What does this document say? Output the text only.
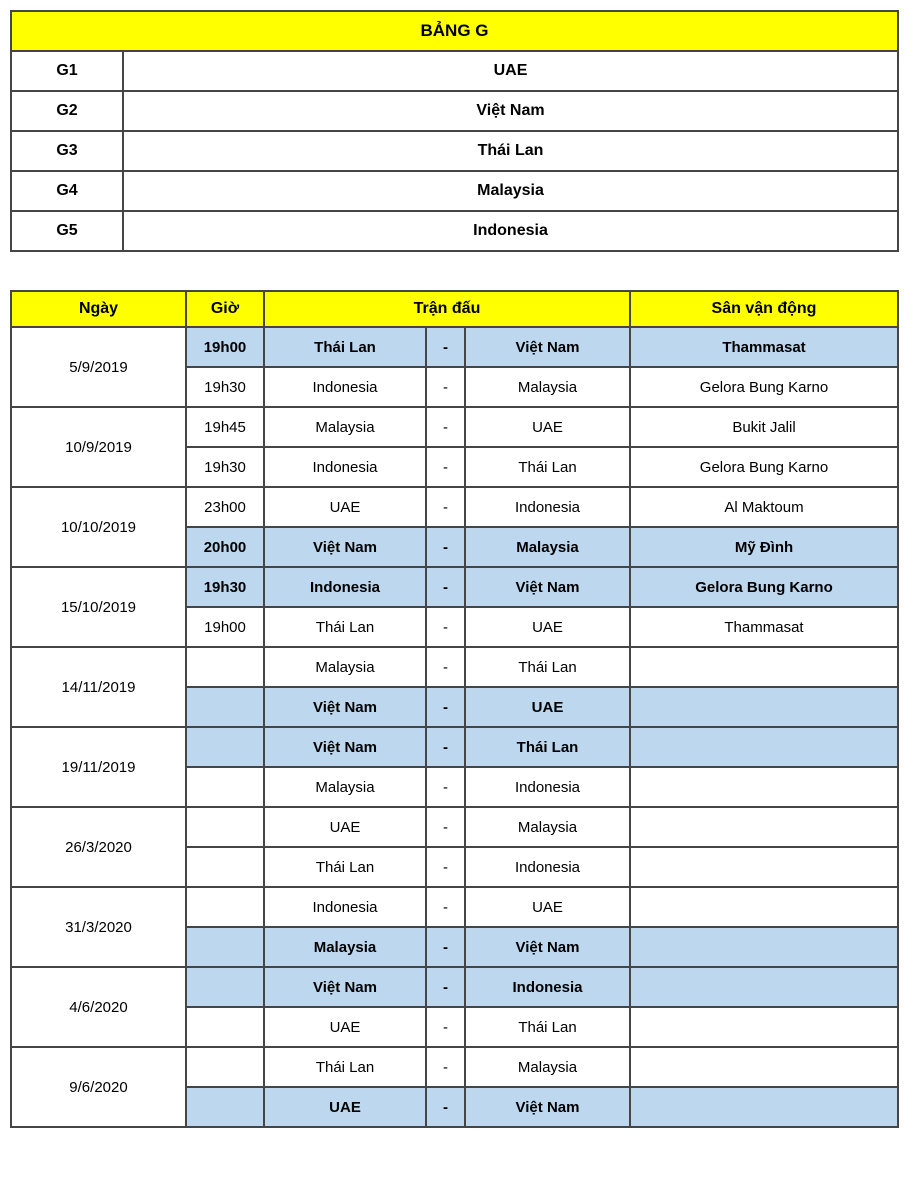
BẢNG G	
G1	UAE
G2	Việt Nam
G3	Thái Lan
G4	Malaysia
G5	Indonesia
Ngày	Giờ	Trận đấu			Sân vận động
5/9/2019	19h00	Thái Lan	-	Việt Nam	Thammasat
	19h30	Indonesia	-	Malaysia	Gelora Bung Karno
10/9/2019	19h45	Malaysia	-	UAE	Bukit Jalil
	19h30	Indonesia	-	Thái Lan	Gelora Bung Karno
10/10/2019	23h00	UAE	-	Indonesia	Al Maktoum
	20h00	Việt Nam	-	Malaysia	Mỹ Đình
15/10/2019	19h30	Indonesia	-	Việt Nam	Gelora Bung Karno
	19h00	Thái Lan	-	UAE	Thammasat
14/11/2019		Malaysia	-	Thái Lan	
		Việt Nam	-	UAE	
19/11/2019		Việt Nam	-	Thái Lan	
		Malaysia	-	Indonesia	
26/3/2020		UAE	-	Malaysia	
		Thái Lan	-	Indonesia	
31/3/2020		Indonesia	-	UAE	
		Malaysia	-	Việt Nam	
4/6/2020		Việt Nam	-	Indonesia	
		UAE	-	Thái Lan	
9/6/2020		Thái Lan	-	Malaysia	
		UAE	-	Việt Nam	
